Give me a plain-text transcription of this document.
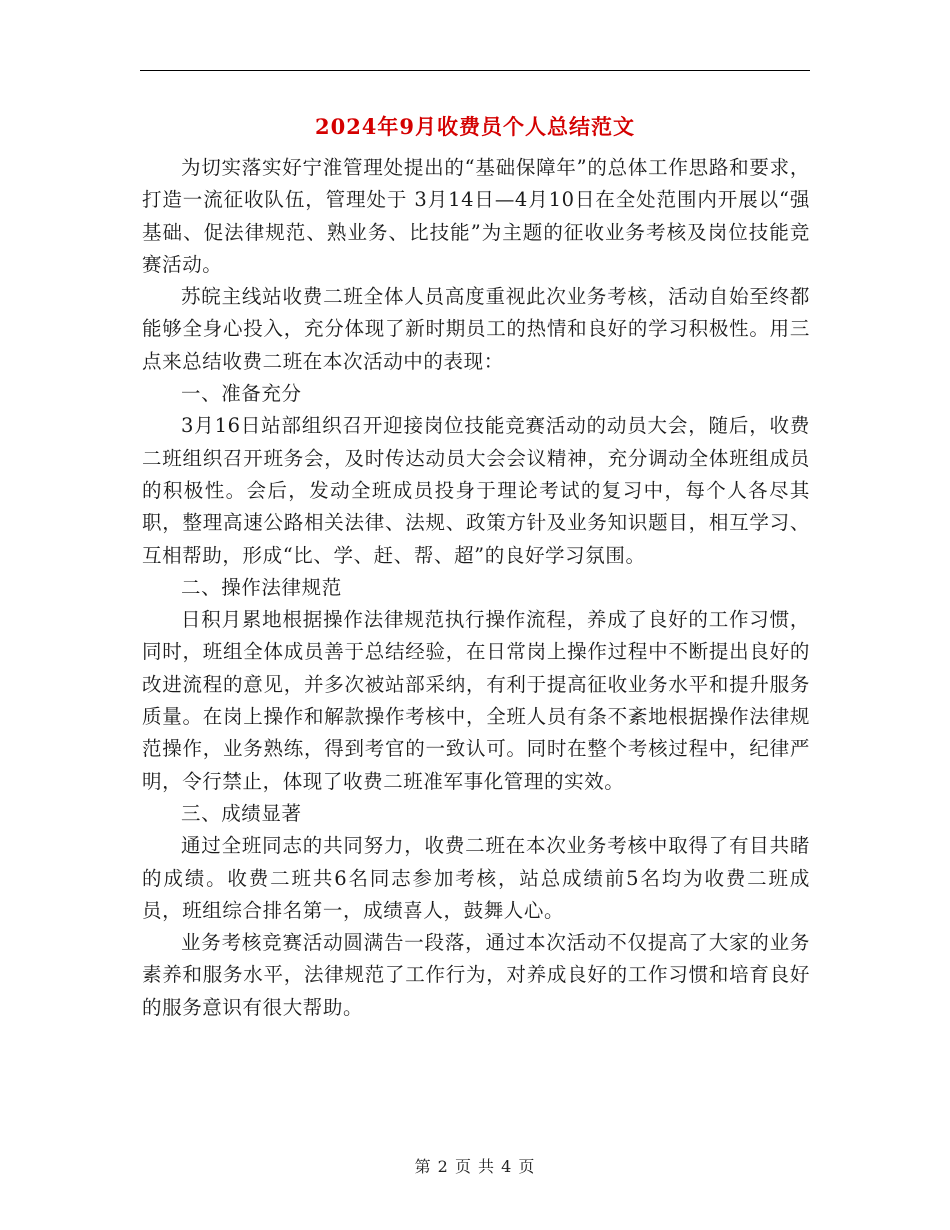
2024年9月收费员个人总结范文

为切实落实好宁淮管理处提出的“基础保障年”的总体工作思路和要求，打造一流征收队伍，管理处于 3月14日—4月10日在全处范围内开展以“强基础、促法律规范、熟业务、比技能”为主题的征收业务考核及岗位技能竞赛活动。

苏皖主线站收费二班全体人员高度重视此次业务考核，活动自始至终都能够全身心投入，充分体现了新时期员工的热情和良好的学习积极性。用三点来总结收费二班在本次活动中的表现：

一、准备充分

3月16日站部组织召开迎接岗位技能竞赛活动的动员大会，随后，收费二班组织召开班务会，及时传达动员大会会议精神，充分调动全体班组成员的积极性。会后，发动全班成员投身于理论考试的复习中，每个人各尽其职，整理高速公路相关法律、法规、政策方针及业务知识题目，相互学习、互相帮助，形成“比、学、赶、帮、超”的良好学习氛围。

二、操作法律规范

日积月累地根据操作法律规范执行操作流程，养成了良好的工作习惯，同时，班组全体成员善于总结经验，在日常岗上操作过程中不断提出良好的改进流程的意见，并多次被站部采纳，有利于提高征收业务水平和提升服务质量。在岗上操作和解款操作考核中，全班人员有条不紊地根据操作法律规范操作，业务熟练，得到考官的一致认可。同时在整个考核过程中，纪律严明，令行禁止，体现了收费二班准军事化管理的实效。

三、成绩显著

通过全班同志的共同努力，收费二班在本次业务考核中取得了有目共睹的成绩。收费二班共6名同志参加考核，站总成绩前5名均为收费二班成员，班组综合排名第一，成绩喜人，鼓舞人心。

业务考核竞赛活动圆满告一段落，通过本次活动不仅提高了大家的业务素养和服务水平，法律规范了工作行为，对养成良好的工作习惯和培育良好的服务意识有很大帮助。

第 2 页 共 4 页
